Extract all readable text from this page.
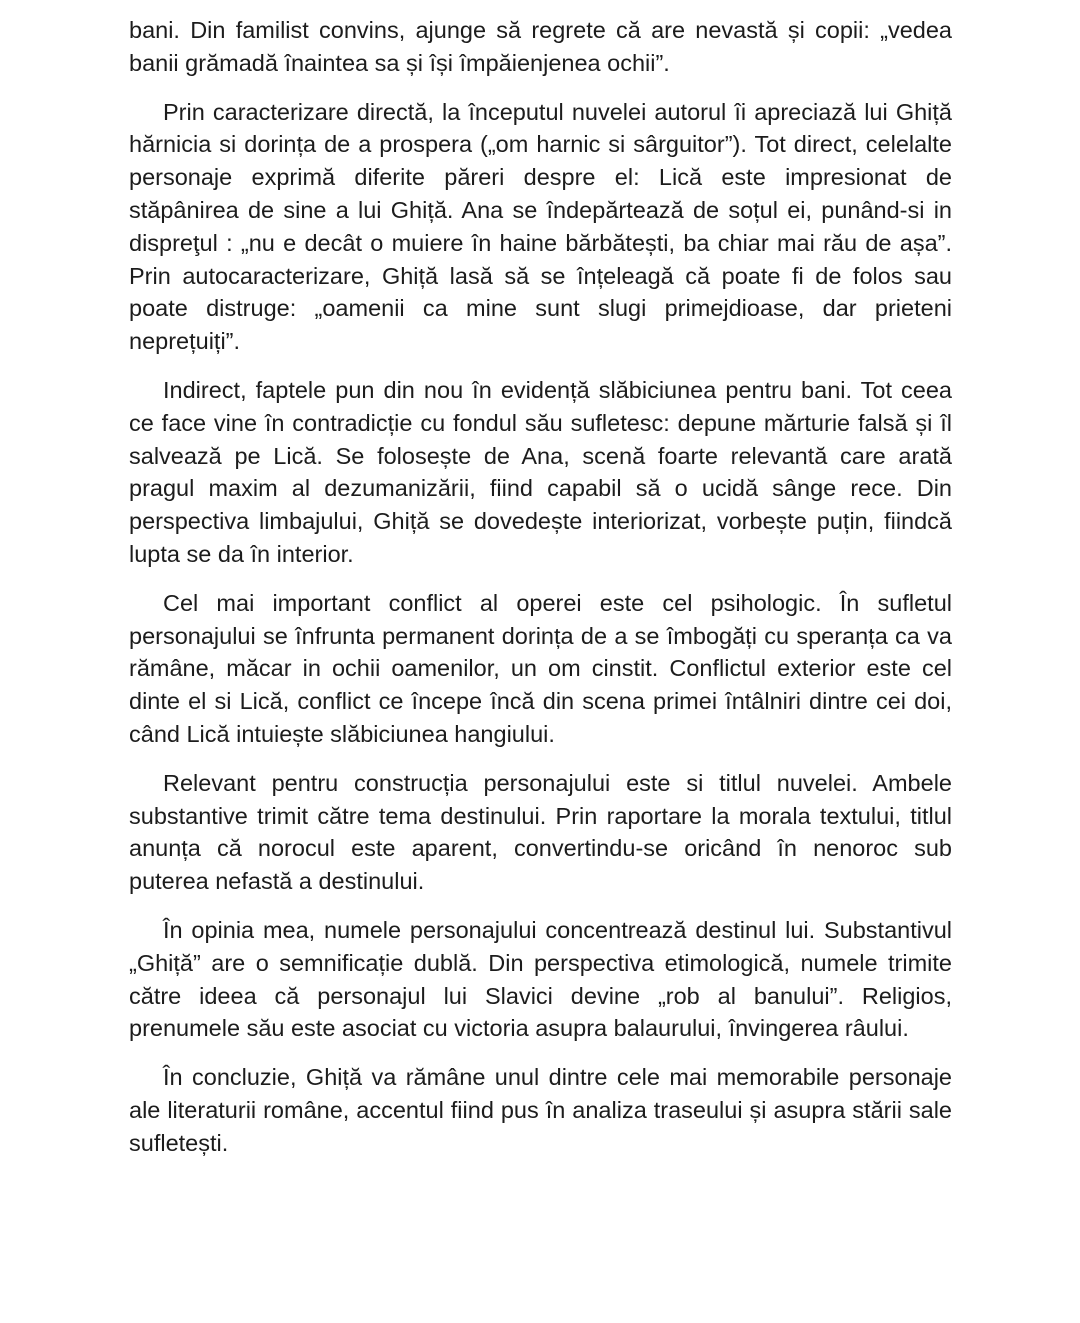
bani. Din familist convins, ajunge să regrete că are nevastă și copii: „vedea banii grămadă înaintea sa și își împăienjenea ochii”.

Prin caracterizare directă, la începutul nuvelei autorul îi apreciază lui Ghiță hărnicia si dorința de a prospera („om harnic si sârguitor”). Tot direct, celelalte personaje exprimă diferite păreri despre el: Lică este impresionat de stăpânirea de sine a lui Ghiță. Ana se îndepărtează de soțul ei, punând-si in dispreţul : „nu e decât o muiere în haine bărbătești, ba chiar mai rău de așa”. Prin autocaracterizare, Ghiță lasă să se înțeleagă că poate fi de folos sau poate distruge: „oamenii ca mine sunt slugi primejdioase, dar prieteni neprețuiți”.

Indirect, faptele pun din nou în evidență slăbiciunea pentru bani. Tot ceea ce face vine în contradicție cu fondul său sufletesc: depune mărturie falsă și îl salvează pe Lică. Se folosește de Ana, scenă foarte relevantă care arată pragul maxim al dezumanizării, fiind capabil să o ucidă sânge rece. Din perspectiva limbajului, Ghiță se dovedește interiorizat, vorbește puțin, fiindcă lupta se da în interior.

Cel mai important conflict al operei este cel psihologic. În sufletul personajului se înfrunta permanent dorința de a se îmbogăți cu speranța ca va rămâne, măcar in ochii oamenilor, un om cinstit. Conflictul exterior este cel dinte el si Lică, conflict ce începe încă din scena primei întâlniri dintre cei doi, când Lică intuiește slăbiciunea hangiului.

Relevant pentru construcția personajului este si titlul nuvelei. Ambele substantive trimit către tema destinului. Prin raportare la morala textului, titlul anunța că norocul este aparent, convertindu-se oricând în nenoroc sub puterea nefastă a destinului.

În opinia mea, numele personajului concentrează destinul lui. Substantivul „Ghiță” are o semnificație dublă. Din perspectiva etimologică, numele trimite către ideea că personajul lui Slavici devine „rob al banului”. Religios, prenumele său este asociat cu victoria asupra balaurului, învingerea râului.

În concluzie, Ghiță va rămâne unul dintre cele mai memorabile personaje ale literaturii române, accentul fiind pus în analiza traseului și asupra stării sale sufletești.
